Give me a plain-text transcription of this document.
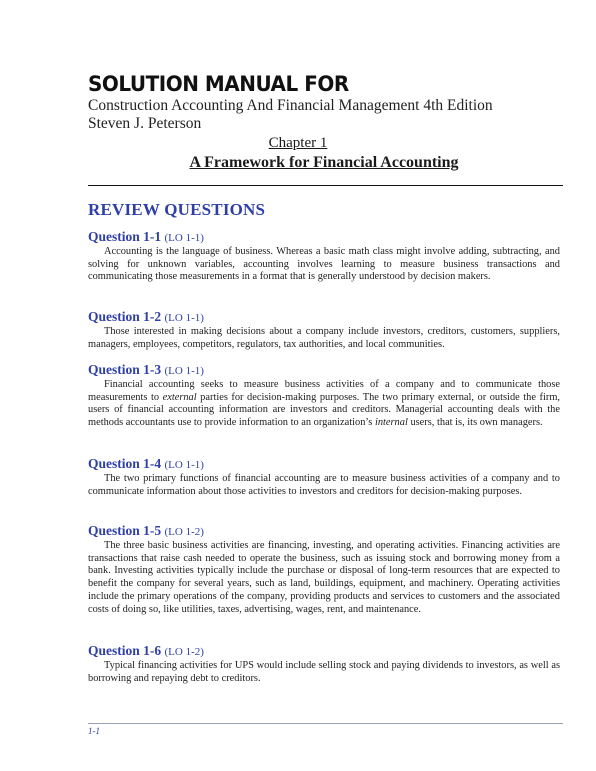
SOLUTION MANUAL FOR
Construction Accounting And Financial Management 4th Edition
Steven J. Peterson
Chapter 1
A Framework for Financial Accounting
REVIEW QUESTIONS
Question 1-1 (LO 1-1)

Accounting is the language of business. Whereas a basic math class might involve adding, subtracting, and solving for unknown variables, accounting involves learning to measure business transactions and communicating those measurements in a format that is generally understood by decision makers.

Question 1-2 (LO 1-1)

Those interested in making decisions about a company include investors, creditors, customers, suppliers, managers, employees, competitors, regulators, tax authorities, and local communities.

Question 1-3 (LO 1-1)

Financial accounting seeks to measure business activities of a company and to communicate those measurements to external parties for decision-making purposes. The two primary external, or outside the firm, users of financial accounting information are investors and creditors. Managerial accounting deals with the methods accountants use to provide information to an organization’s internal users, that is, its own managers.

Question 1-4 (LO 1-1)

The two primary functions of financial accounting are to measure business activities of a company and to communicate information about those activities to investors and creditors for decision-making purposes.

Question 1-5 (LO 1-2)

The three basic business activities are financing, investing, and operating activities. Financing activities are transactions that raise cash needed to operate the business, such as issuing stock and borrowing money from a bank. Investing activities typically include the purchase or disposal of long-term resources that are expected to benefit the company for several years, such as land, buildings, equipment, and machinery. Operating activities include the primary operations of the company, providing products and services to customers and the associated costs of doing so, like utilities, taxes, advertising, wages, rent, and maintenance.

Question 1-6 (LO 1-2)

Typical financing activities for UPS would include selling stock and paying dividends to investors, as well as borrowing and repaying debt to creditors.

1-1
